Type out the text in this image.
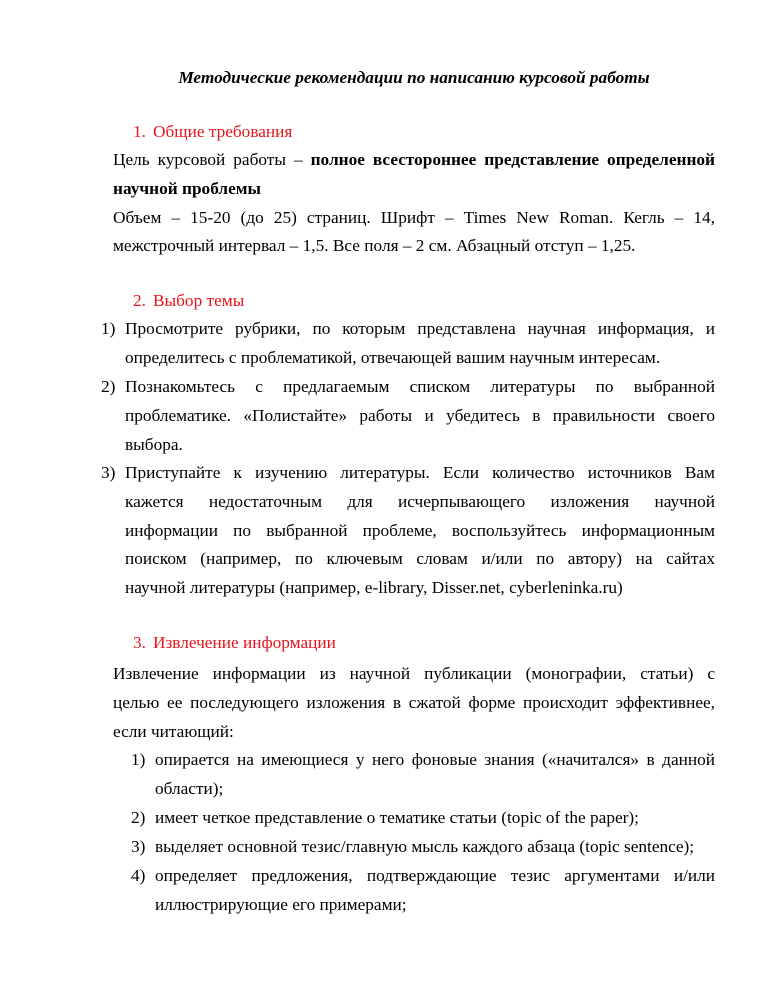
Методические рекомендации по написанию курсовой работы
1. Общие требования
Цель курсовой работы – полное всестороннее представление определенной
научной проблемы
Объем – 15-20 (до 25) страниц. Шрифт – Times New Roman. Кегль – 14,
межстрочный интервал – 1,5. Все поля – 2 см. Абзацный отступ – 1,25.
2. Выбор темы
1) Просмотрите рубрики, по которым представлена научная информация, и
определитесь с проблематикой, отвечающей вашим научным интересам.
2) Познакомьтесь с предлагаемым списком литературы по выбранной
проблематике. «Полистайте» работы и убедитесь в правильности своего
выбора.
3) Приступайте к изучению литературы. Если количество источников Вам
кажется недостаточным для исчерпывающего изложения научной
информации по выбранной проблеме, воспользуйтесь информационным
поиском (например, по ключевым словам и/или по автору) на сайтах
научной литературы (например, e-library, Disser.net, cyberleninka.ru)
3. Извлечение информации
Извлечение информации из научной публикации (монографии, статьи) с
целью ее последующего изложения в сжатой форме происходит эффективнее,
если читающий:
1) опирается на имеющиеся у него фоновые знания («начитался» в данной
области);
2) имеет четкое представление о тематике статьи (topic of the paper);
3) выделяет основной тезис/главную мысль каждого абзаца (topic sentence);
4) определяет предложения, подтверждающие тезис аргументами и/или
иллюстрирующие его примерами;
